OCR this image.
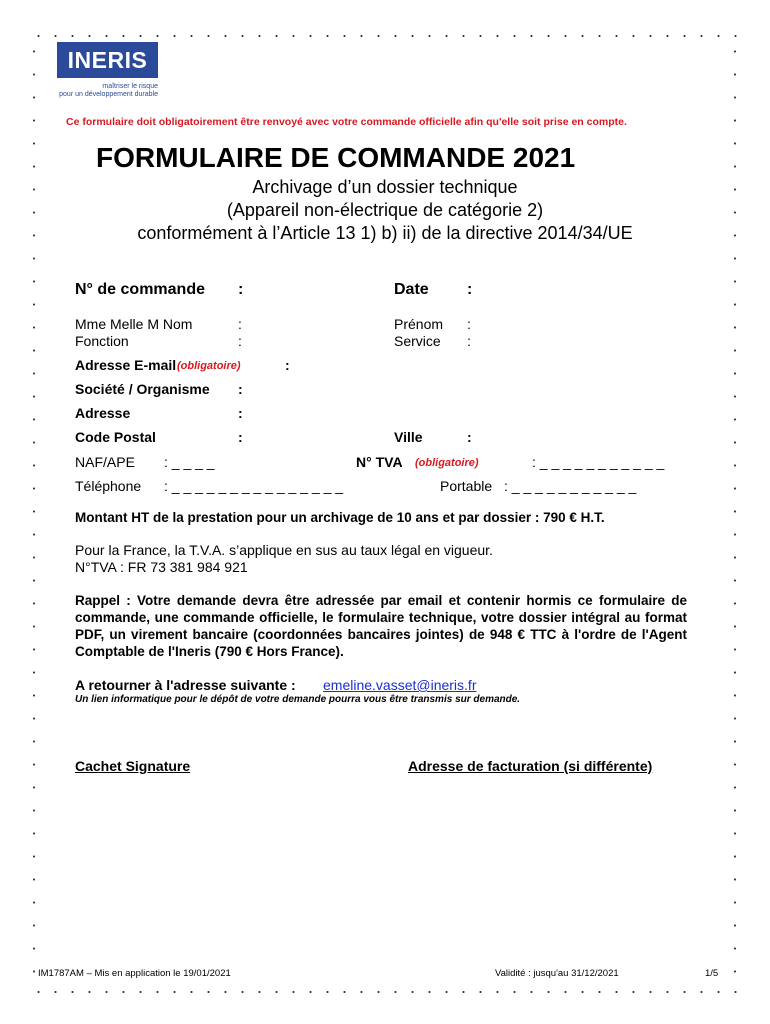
INERIS
maîtriser le risque
pour un développement durable
Ce formulaire doit obligatoirement être renvoyé avec votre commande officielle afin qu'elle soit prise en compte.
FORMULAIRE DE COMMANDE 2021
Archivage d’un dossier technique
(Appareil non-électrique de catégorie 2)
conformément à l’Article 13 1) b) ii) de la directive 2014/34/UE
N° de commande :	Date :
Mme Melle M Nom	:	Prénom :
Fonction	:	Service :
Adresse E-mail (obligatoire)	:
Société / Organisme :
Adresse	:
Code Postal	:	Ville	:
NAF/APE : _ _ _ _	N° TVA (obligatoire)	: _ _ _ _ _ _ _ _ _ _ _
Téléphone : _ _ _ _ _ _ _ _ _ _ _ _ _ _ _	Portable : _ _ _ _ _ _ _ _ _ _ _
Montant HT de la prestation pour un archivage de 10 ans et par dossier : 790 € H.T.
Pour la France, la T.V.A. s’applique en sus au taux légal en vigueur.
N°TVA : FR 73 381 984 921
Rappel : Votre demande devra être adressée par email et contenir hormis ce formulaire de commande, une commande officielle, le formulaire technique, votre dossier intégral au format PDF, un virement bancaire (coordonnées bancaires jointes) de 948 € TTC à l'ordre de l'Agent Comptable de l'Ineris (790 € Hors France).
A retourner à l'adresse suivante : emeline.vasset@ineris.fr
Un lien informatique pour le dépôt de votre demande pourra vous être transmis sur demande.
Cachet Signature	Adresse de facturation (si différente)
IM1787AM – Mis en application le 19/01/2021	Validité : jusqu'au 31/12/2021	1/5
